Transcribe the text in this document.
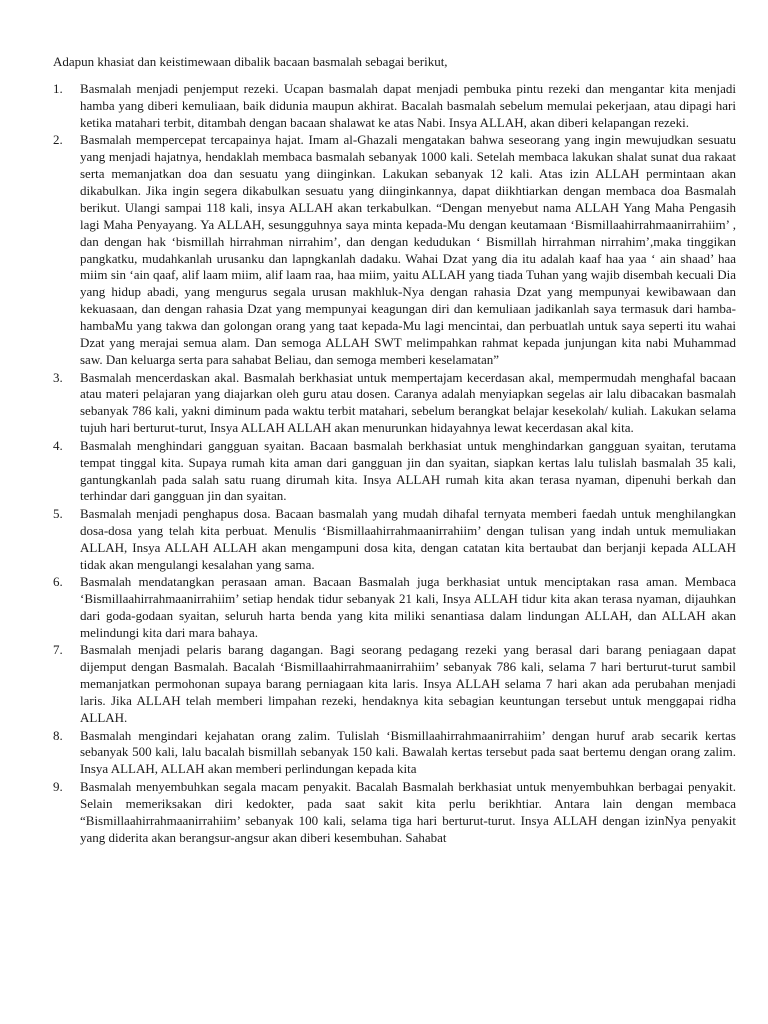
Adapun khasiat dan keistimewaan dibalik bacaan basmalah sebagai berikut,

1. Basmalah menjadi penjemput rezeki. Ucapan basmalah dapat menjadi pembuka pintu rezeki dan mengantar kita menjadi hamba yang diberi kemuliaan, baik didunia maupun akhirat. Bacalah basmalah sebelum memulai pekerjaan, atau dipagi hari ketika matahari terbit, ditambah dengan bacaan shalawat ke atas Nabi. Insya ALLAH, akan diberi kelapangan rezeki.
2. Basmalah mempercepat tercapainya hajat. Imam al-Ghazali mengatakan bahwa seseorang yang ingin mewujudkan sesuatu yang menjadi hajatnya, hendaklah membaca basmalah sebanyak 1000 kali. Setelah membaca lakukan shalat sunat dua rakaat serta memanjatkan doa dan sesuatu yang diinginkan. Lakukan sebanyak 12 kali. Atas izin ALLAH permintaan akan dikabulkan. Jika ingin segera dikabulkan sesuatu yang diinginkannya, dapat diikhtiarkan dengan membaca doa Basmalah berikut. Ulangi sampai 118 kali, insya ALLAH akan terkabulkan. “Dengan menyebut nama ALLAH Yang Maha Pengasih lagi Maha Penyayang. Ya ALLAH, sesungguhnya saya minta kepada-Mu dengan keutamaan ‘Bismillaahirrahmaanirrahiim’ , dan dengan hak ‘bismillah hirrahman nirrahim’, dan dengan kedudukan ‘ Bismillah hirrahman nirrahim’,maka tinggikan pangkatku, mudahkanlah urusanku dan lapngkanlah dadaku. Wahai Dzat yang dia itu adalah kaaf haa yaa ‘ ain shaad’ haa miim sin ‘ain qaaf, alif laam miim, alif laam raa, haa miim, yaitu ALLAH yang tiada Tuhan yang wajib disembah kecuali Dia yang hidup abadi, yang mengurus segala urusan makhluk-Nya dengan rahasia Dzat yang mempunyai kewibawaan dan kekuasaan, dan dengan rahasia Dzat yang mempunyai keagungan diri dan kemuliaan jadikanlah saya termasuk dari hamba-hambaMu yang takwa dan golongan orang yang taat kepada-Mu lagi mencintai, dan perbuatlah untuk saya seperti itu wahai Dzat yang merajai semua alam. Dan semoga ALLAH SWT melimpahkan rahmat kepada junjungan kita nabi Muhammad saw. Dan keluarga serta para sahabat Beliau, dan semoga memberi keselamatan”
3. Basmalah mencerdaskan akal. Basmalah berkhasiat untuk mempertajam kecerdasan akal, mempermudah menghafal bacaan atau materi pelajaran yang diajarkan oleh guru atau dosen. Caranya adalah menyiapkan segelas air lalu dibacakan basmalah sebanyak 786 kali, yakni diminum pada waktu terbit matahari, sebelum berangkat belajar kesekolah/ kuliah. Lakukan selama tujuh hari berturut-turut, Insya ALLAH ALLAH akan menurunkan hidayahnya lewat kecerdasan akal kita.
4. Basmalah menghindari gangguan syaitan. Bacaan basmalah berkhasiat untuk menghindarkan gangguan syaitan, terutama tempat tinggal kita. Supaya rumah kita aman dari gangguan jin dan syaitan, siapkan kertas lalu tulislah basmalah 35 kali, gantungkanlah pada salah satu ruang dirumah kita. Insya ALLAH rumah kita akan terasa nyaman, dipenuhi berkah dan terhindar dari gangguan jin dan syaitan.
5. Basmalah menjadi penghapus dosa. Bacaan basmalah yang mudah dihafal ternyata memberi faedah untuk menghilangkan dosa-dosa yang telah kita perbuat. Menulis ‘Bismillaahirrahmaanirrahiim’ dengan tulisan yang indah untuk memuliakan ALLAH, Insya ALLAH ALLAH akan mengampuni dosa kita, dengan catatan kita bertaubat dan berjanji kepada ALLAH tidak akan mengulangi kesalahan yang sama.
6. Basmalah mendatangkan perasaan aman. Bacaan Basmalah juga berkhasiat untuk menciptakan rasa aman. Membaca ‘Bismillaahirrahmaanirrahiim’ setiap hendak tidur sebanyak 21 kali, Insya ALLAH tidur kita akan terasa nyaman, dijauhkan dari goda-godaan syaitan, seluruh harta benda yang kita miliki senantiasa dalam lindungan ALLAH, dan ALLAH akan melindungi kita dari mara bahaya.
7. Basmalah menjadi pelaris barang dagangan. Bagi seorang pedagang rezeki yang berasal dari barang peniagaan dapat dijemput dengan Basmalah. Bacalah ‘Bismillaahirrahmaanirrahiim’ sebanyak 786 kali, selama 7 hari berturut-turut sambil memanjatkan permohonan supaya barang perniagaan kita laris. Insya ALLAH selama 7 hari akan ada perubahan menjadi laris. Jika ALLAH telah memberi limpahan rezeki, hendaknya kita sebagian keuntungan tersebut untuk menggapai ridha ALLAH.
8. Basmalah mengindari kejahatan orang zalim. Tulislah ‘Bismillaahirrahmaanirrahiim’ dengan huruf arab secarik kertas sebanyak 500 kali, lalu bacalah bismillah sebanyak 150 kali. Bawalah kertas tersebut pada saat bertemu dengan orang zalim. Insya ALLAH, ALLAH akan memberi perlindungan kepada kita
9. Basmalah menyembuhkan segala macam penyakit. Bacalah Basmalah berkhasiat untuk menyembuhkan berbagai penyakit. Selain memeriksakan diri kedokter, pada saat sakit kita perlu berikhtiar. Antara lain dengan membaca “Bismillaahirrahmaanirrahiim’ sebanyak 100 kali, selama tiga hari berturut-turut. Insya ALLAH dengan izinNya penyakit yang diderita akan berangsur-angsur akan diberi kesembuhan. Sahabat
